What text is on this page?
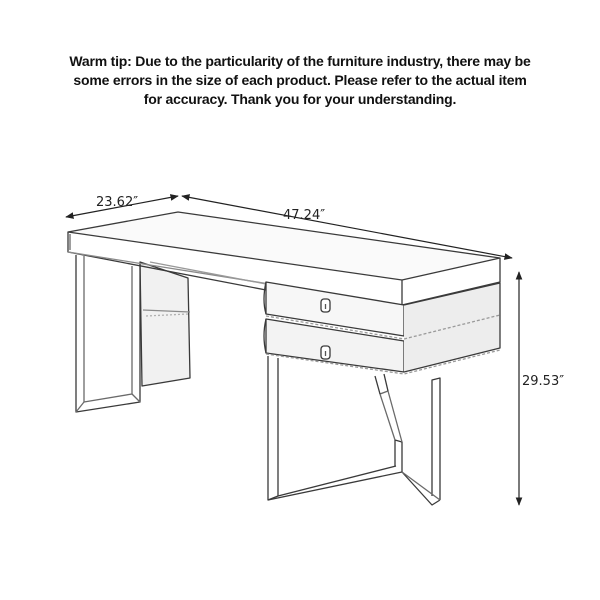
Warm tip: Due to the particularity of the furniture industry, there may be
some errors in the size of each product. Please refer to the actual item
for accuracy. Thank you for your understanding.
23.62″
47.24″
29.53″
